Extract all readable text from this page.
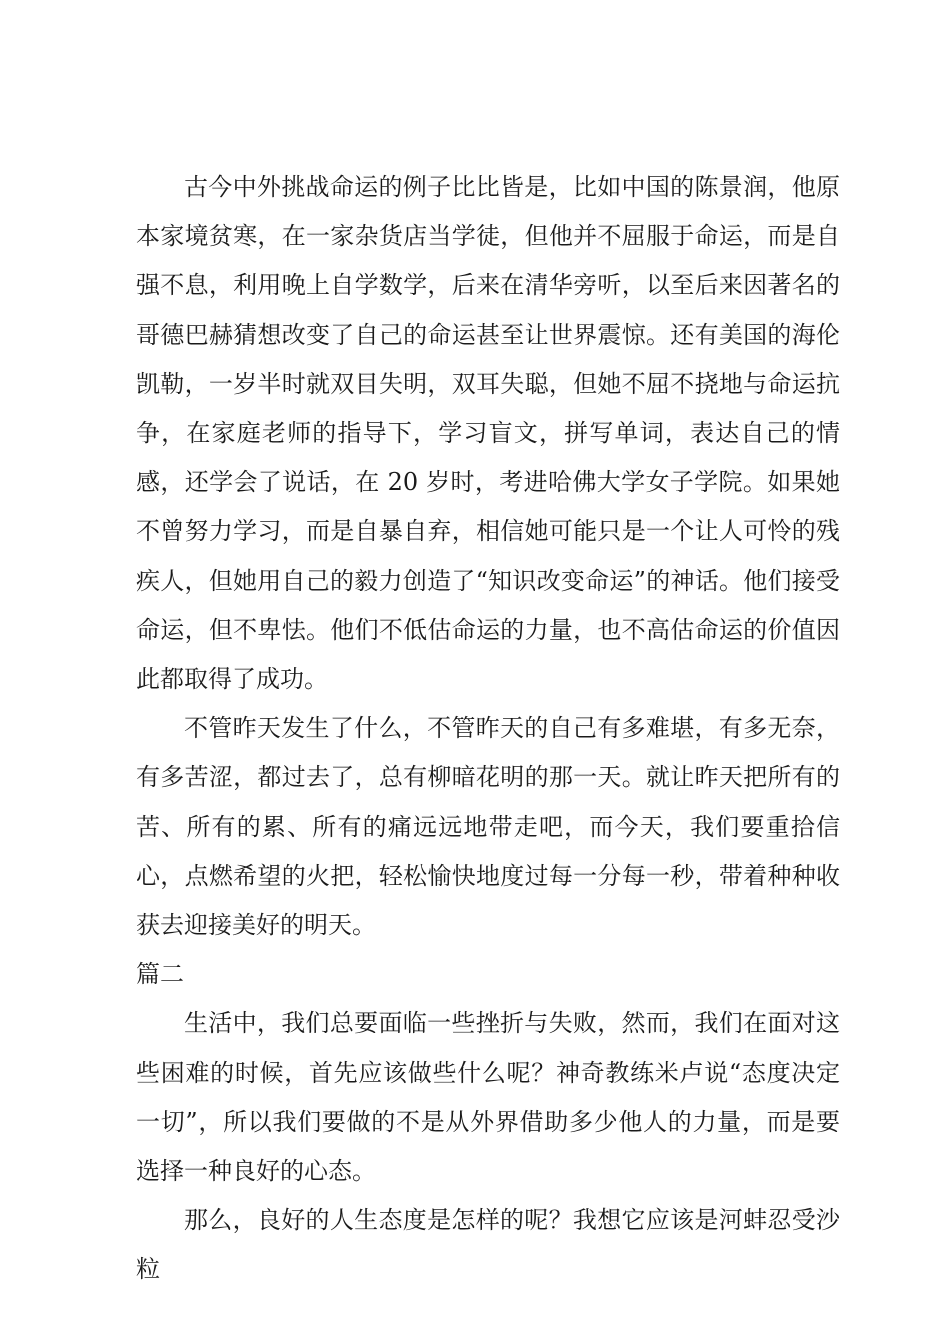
古今中外挑战命运的例子比比皆是，比如中国的陈景润，他原本家境贫寒，在一家杂货店当学徒，但他并不屈服于命运，而是自强不息，利用晚上自学数学，后来在清华旁听，以至后来因著名的哥德巴赫猜想改变了自己的命运甚至让世界震惊。还有美国的海伦凯勒，一岁半时就双目失明，双耳失聪，但她不屈不挠地与命运抗争，在家庭老师的指导下，学习盲文，拼写单词，表达自己的情感，还学会了说话，在 20 岁时，考进哈佛大学女子学院。如果她不曾努力学习，而是自暴自弃，相信她可能只是一个让人可怜的残疾人，但她用自己的毅力创造了“知识改变命运”的神话。他们接受命运，但不卑怯。他们不低估命运的力量，也不高估命运的价值因此都取得了成功。

不管昨天发生了什么，不管昨天的自己有多难堪，有多无奈，有多苦涩，都过去了，总有柳暗花明的那一天。就让昨天把所有的苦、所有的累、所有的痛远远地带走吧，而今天，我们要重拾信心，点燃希望的火把，轻松愉快地度过每一分每一秒，带着种种收获去迎接美好的明天。

篇二

生活中，我们总要面临一些挫折与失败，然而，我们在面对这些困难的时候，首先应该做些什么呢？神奇教练米卢说“态度决定一切”，所以我们要做的不是从外界借助多少他人的力量，而是要选择一种良好的心态。

那么，良好的人生态度是怎样的呢？我想它应该是河蚌忍受沙粒
